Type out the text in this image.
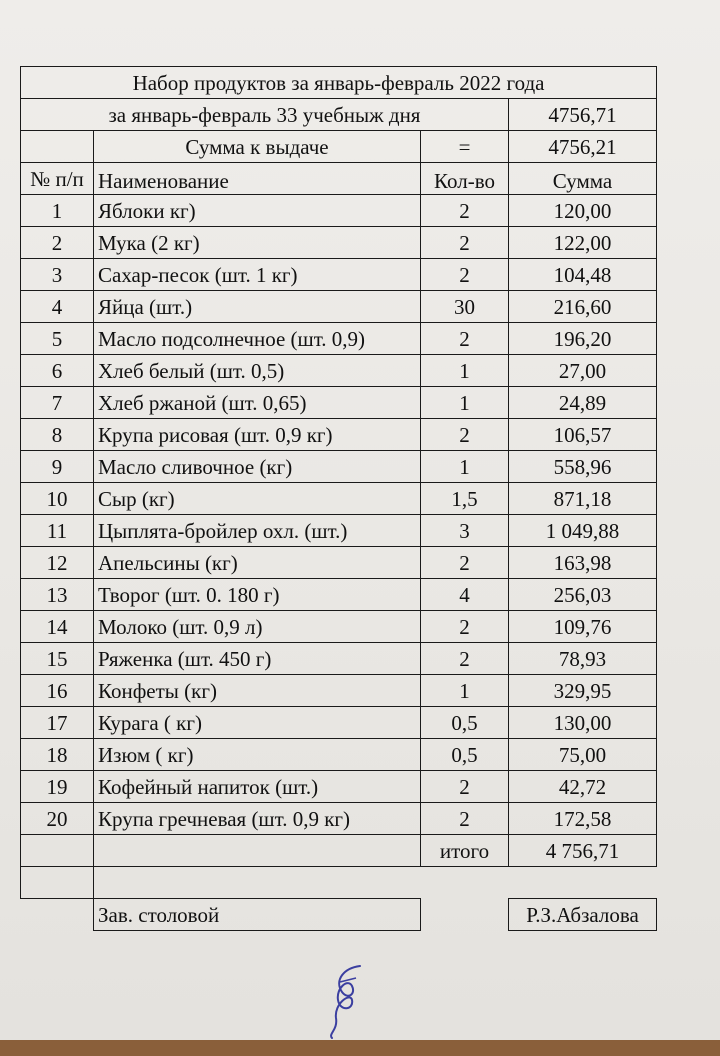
Набор продуктов за январь-февраль 2022 года			
за январь-февраль 33 учебныж дня			4756,71
	Сумма к выдаче	=	4756,21
№ п/п	Наименование	Кол-во	Сумма
1	Яблоки кг)	2	120,00
2	Мука (2 кг)	2	122,00
3	Сахар-песок (шт. 1 кг)	2	104,48
4	Яйца (шт.)	30	216,60
5	Масло подсолнечное (шт. 0,9)	2	196,20
6	Хлеб белый (шт. 0,5)	1	27,00
7	Хлеб ржаной (шт. 0,65)	1	24,89
8	Крупа рисовая (шт. 0,9 кг)	2	106,57
9	Масло сливочное (кг)	1	558,96
10	Сыр (кг)	1,5	871,18
11	Цыплята-бройлер охл. (шт.)	3	1 049,88
12	Апельсины (кг)	2	163,98
13	Творог (шт. 0. 180 г)	4	256,03
14	Молоко (шт. 0,9 л)	2	109,76
15	Ряженка (шт. 450 г)	2	78,93
16	Конфеты (кг)	1	329,95
17	Курага ( кг)	0,5	130,00
18	Изюм ( кг)	0,5	75,00
19	Кофейный напиток (шт.)	2	42,72
20	Крупа гречневая (шт. 0,9 кг)	2	172,58
		итого	4 756,71

	Зав. столовой		Р.З.Абзалова
